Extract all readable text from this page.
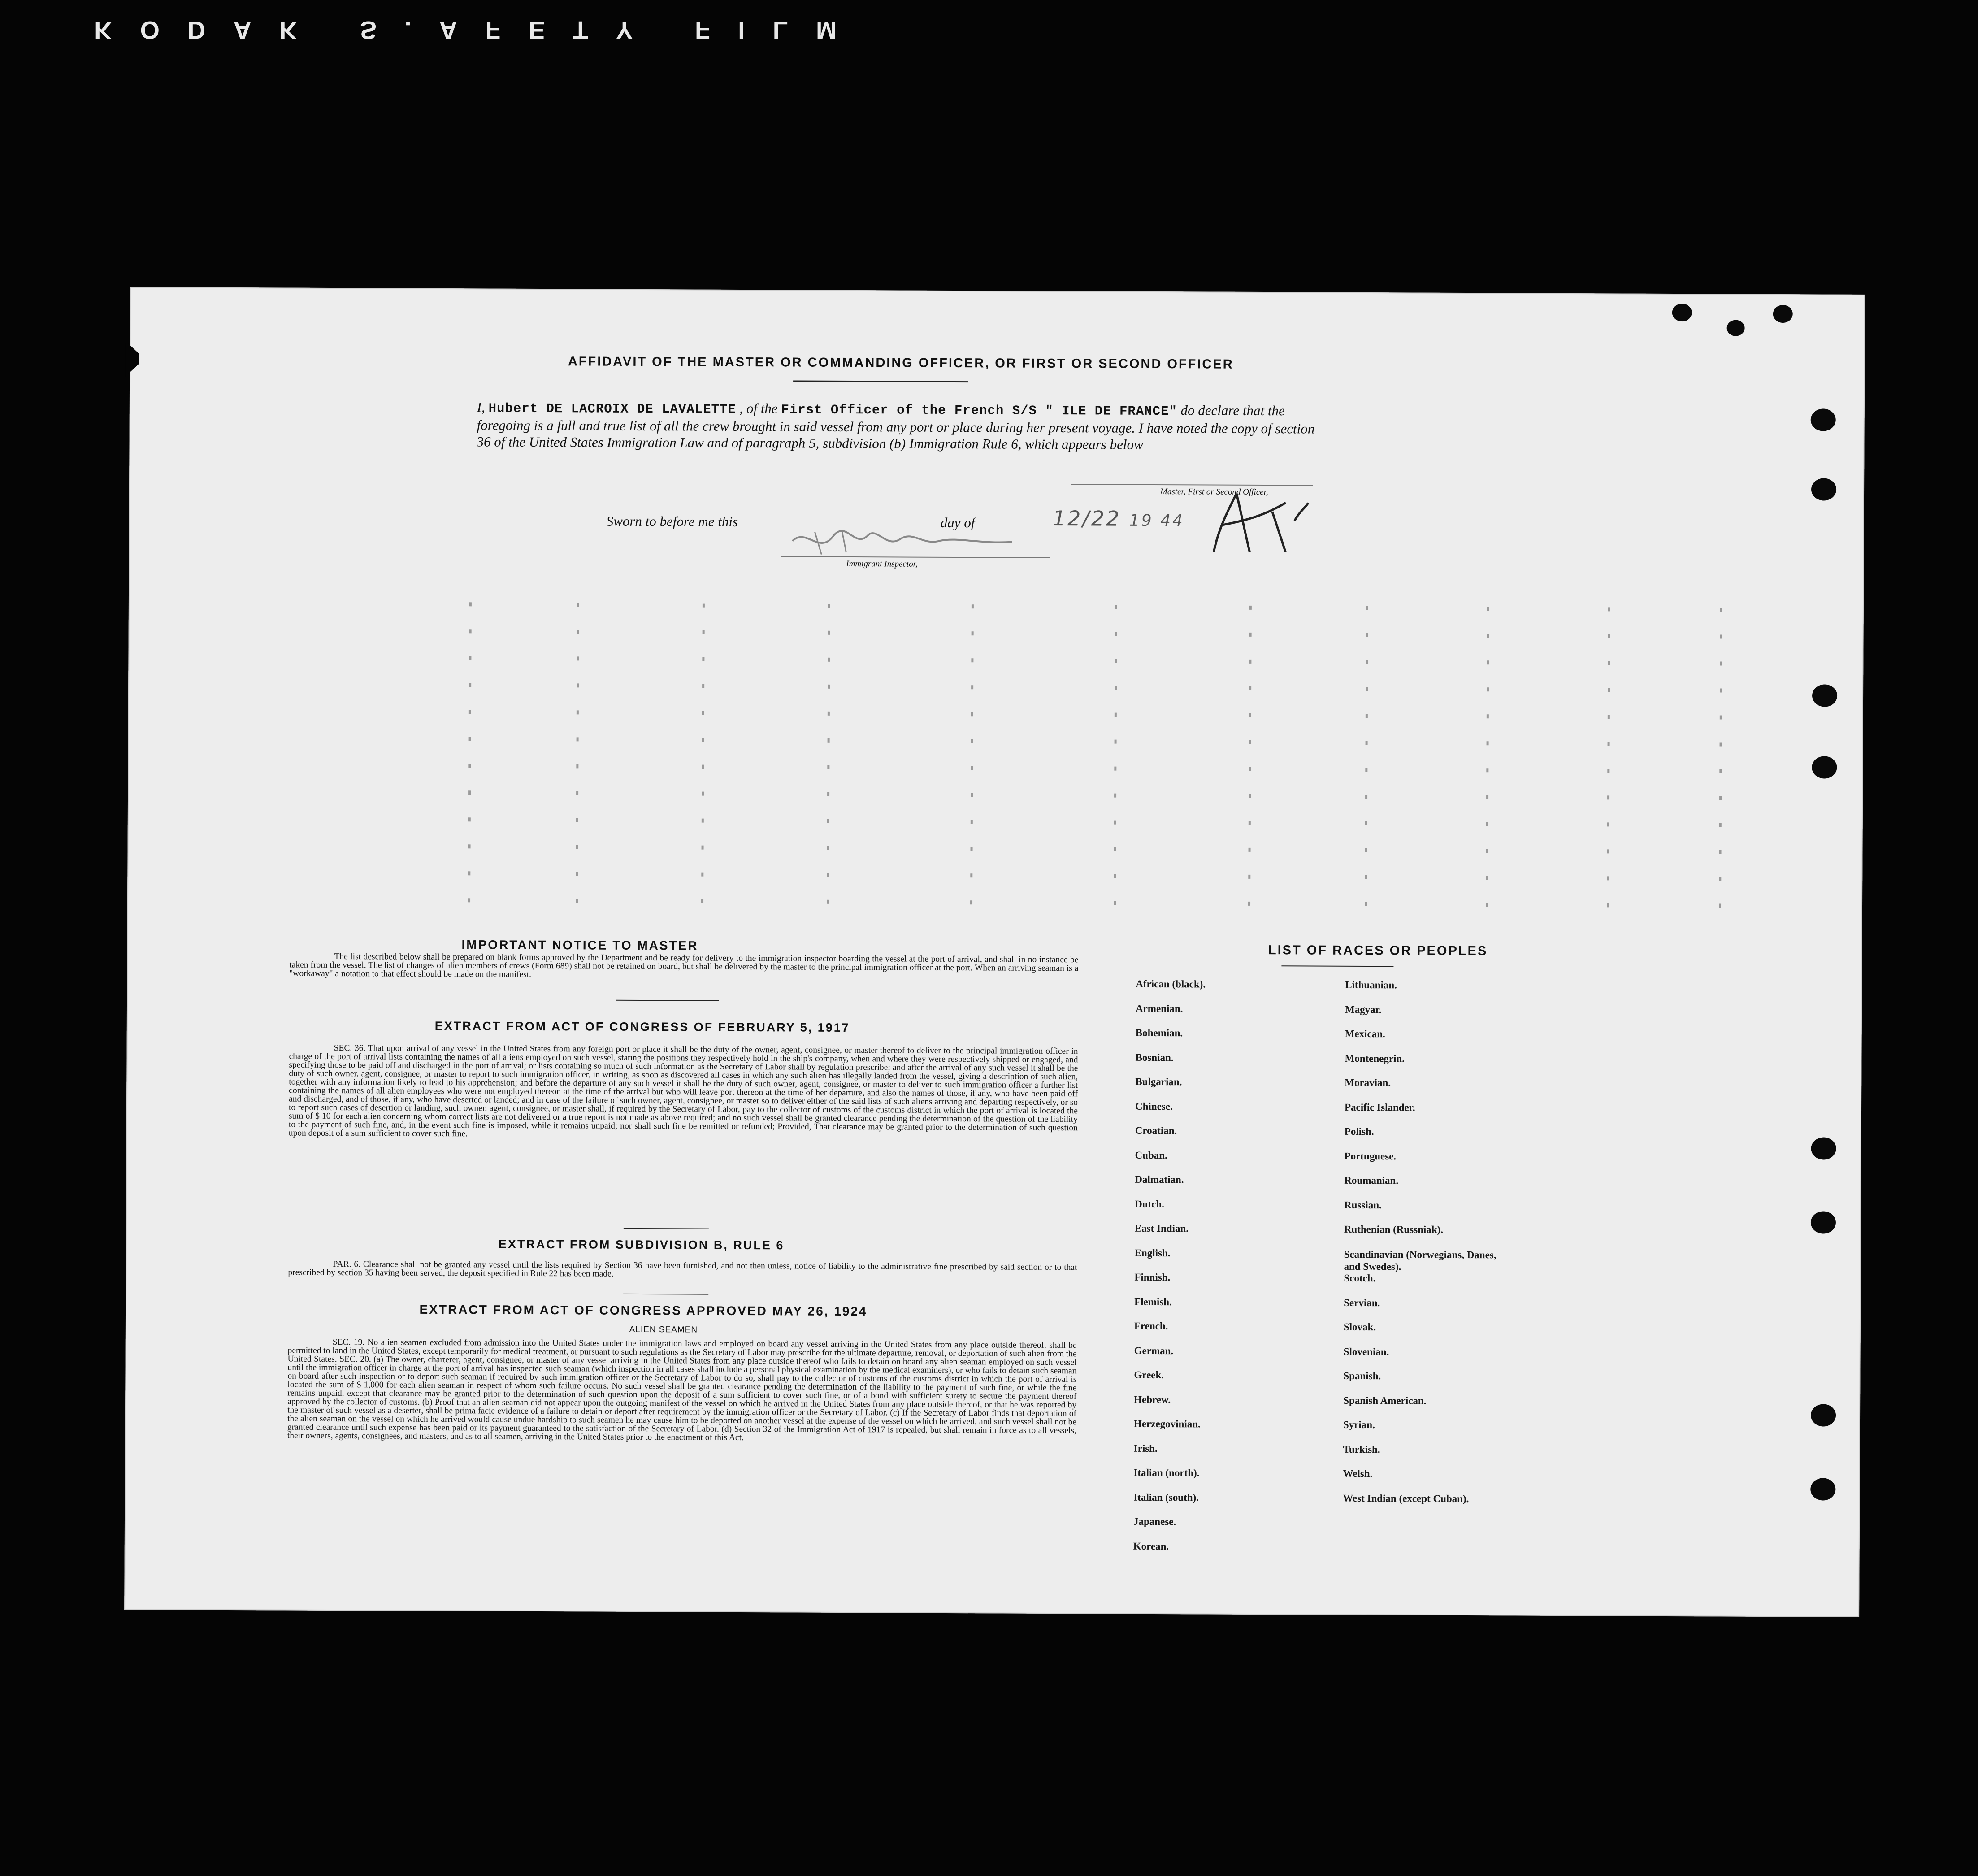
KODAK S.AFETY FILM
AFFIDAVIT OF THE MASTER OR COMMANDING OFFICER, OR FIRST OR SECOND OFFICER
I, Hubert DE LACROIX DE LAVALETTE , of the First Officer of the French S/S " ILE DE FRANCE" do declare that the foregoing is a full and true list of all the crew brought in said vessel from any port or place during her present voyage. I have noted the copy of section 36 of the United States Immigration Law and of paragraph 5, subdivision (b) Immigration Rule 6, which appears below
Master, First or Second Officer,
Sworn to before me this	day of	12/22 19 44
Immigrant Inspector,
IMPORTANT NOTICE TO MASTER
The list described below shall be prepared on blank forms approved by the Department and be ready for delivery to the immigration inspector boarding the vessel at the port of arrival, and shall in no instance be taken from the vessel. The list of changes of alien members of crews (Form 689) shall not be retained on board, but shall be delivered by the master to the principal immigration officer at the port. When an arriving seaman is a "workaway" a notation to that effect should be made on the manifest.
EXTRACT FROM ACT OF CONGRESS OF FEBRUARY 5, 1917
SEC. 36. That upon arrival of any vessel in the United States from any foreign port or place it shall be the duty of the owner, agent, consignee, or master thereof to deliver to the principal immigration officer in charge of the port of arrival lists containing the names of all aliens employed on such vessel, stating the positions they respectively hold in the ship's company, when and where they were respectively shipped or engaged, and specifying those to be paid off and discharged in the port of arrival; or lists containing so much of such information as the Secretary of Labor shall by regulation prescribe; and after the arrival of any such vessel it shall be the duty of such owner, agent, consignee, or master to report to such immigration officer, in writing, as soon as discovered all cases in which any such alien has illegally landed from the vessel, giving a description of such alien, together with any information likely to lead to his apprehension; and before the departure of any such vessel it shall be the duty of such owner, agent, consignee, or master to deliver to such immigration officer a further list containing the names of all alien employees who were not employed thereon at the time of the arrival but who will leave port thereon at the time of her departure, and also the names of those, if any, who have been paid off and discharged, and of those, if any, who have deserted or landed; and in case of the failure of such owner, agent, consignee, or master so to deliver either of the said lists of such aliens arriving and departing respectively, or so to report such cases of desertion or landing, such owner, agent, consignee, or master shall, if required by the Secretary of Labor, pay to the collector of customs of the customs district in which the port of arrival is located the sum of $ 10 for each alien concerning whom correct lists are not delivered or a true report is not made as above required; and no such vessel shall be granted clearance pending the determination of the question of the liability to the payment of such fine, and, in the event such fine is imposed, while it remains unpaid; nor shall such fine be remitted or refunded; Provided, That clearance may be granted prior to the determination of such question upon deposit of a sum sufficient to cover such fine.
EXTRACT FROM SUBDIVISION B, RULE 6
PAR. 6. Clearance shall not be granted any vessel until the lists required by Section 36 have been furnished, and not then unless, notice of liability to the administrative fine prescribed by said section or to that prescribed by section 35 having been served, the deposit specified in Rule 22 has been made.
EXTRACT FROM ACT OF CONGRESS APPROVED MAY 26, 1924
ALIEN SEAMEN
SEC. 19. No alien seamen excluded from admission into the United States under the immigration laws and employed on board any vessel arriving in the United States from any place outside thereof, shall be permitted to land in the United States, except temporarily for medical treatment, or pursuant to such regulations as the Secretary of Labor may prescribe for the ultimate departure, removal, or deportation of such alien from the United States. SEC. 20. (a) The owner, charterer, agent, consignee, or master of any vessel arriving in the United States from any place outside thereof who fails to detain on board any alien seaman employed on such vessel until the immigration officer in charge at the port of arrival has inspected such seaman (which inspection in all cases shall include a personal physical examination by the medical examiners), or who fails to detain such seaman on board after such inspection or to deport such seaman if required by such immigration officer or the Secretary of Labor to do so, shall pay to the collector of customs of the customs district in which the port of arrival is located the sum of $ 1,000 for each alien seaman in respect of whom such failure occurs. No such vessel shall be granted clearance pending the determination of the liability to the payment of such fine, or while the fine remains unpaid, except that clearance may be granted prior to the determination of such question upon the deposit of a sum sufficient to cover such fine, or of a bond with sufficient surety to secure the payment thereof approved by the collector of customs. (b) Proof that an alien seaman did not appear upon the outgoing manifest of the vessel on which he arrived in the United States from any place outside thereof, or that he was reported by the master of such vessel as a deserter, shall be prima facie evidence of a failure to detain or deport after requirement by the immigration officer or the Secretary of Labor. (c) If the Secretary of Labor finds that deportation of the alien seaman on the vessel on which he arrived would cause undue hardship to such seamen he may cause him to be deported on another vessel at the expense of the vessel on which he arrived, and such vessel shall not be granted clearance until such expense has been paid or its payment guaranteed to the satisfaction of the Secretary of Labor. (d) Section 32 of the Immigration Act of 1917 is repealed, but shall remain in force as to all vessels, their owners, agents, consignees, and masters, and as to all seamen, arriving in the United States prior to the enactment of this Act.
LIST OF RACES OR PEOPLES
African (black).
Armenian.
Bohemian.
Bosnian.
Bulgarian.
Chinese.
Croatian.
Cuban.
Dalmatian.
Dutch.
East Indian.
English.
Finnish.
Flemish.
French.
German.
Greek.
Hebrew.
Herzegovinian.
Irish.
Italian (north).
Italian (south).
Japanese.
Korean.
Lithuanian.
Magyar.
Mexican.
Montenegrin.
Moravian.
Pacific Islander.
Polish.
Portuguese.
Roumanian.
Russian.
Ruthenian (Russniak).
Scandinavian (Norwegians, Danes, and Swedes).
Scotch.
Servian.
Slovak.
Slovenian.
Spanish.
Spanish American.
Syrian.
Turkish.
Welsh.
West Indian (except Cuban).
